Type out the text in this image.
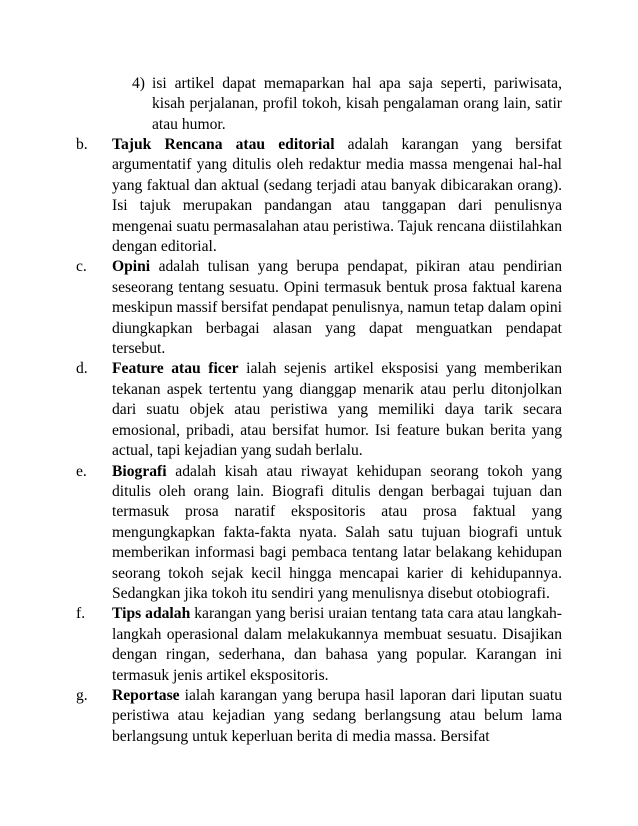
4) isi artikel dapat memaparkan hal apa saja seperti, pariwisata, kisah perjalanan, profil tokoh, kisah pengalaman orang lain, satir atau humor.
b.	Tajuk Rencana atau editorial adalah karangan yang bersifat argumentatif yang ditulis oleh redaktur media massa mengenai hal-hal yang faktual dan aktual (sedang terjadi atau banyak dibicarakan orang). Isi tajuk merupakan pandangan atau tanggapan dari penulisnya mengenai suatu permasalahan atau peristiwa. Tajuk rencana diistilahkan dengan editorial.

c.	Opini adalah tulisan yang berupa pendapat, pikiran atau pendirian seseorang tentang sesuatu. Opini termasuk bentuk prosa faktual karena meskipun massif bersifat pendapat penulisnya, namun tetap dalam opini diungkapkan berbagai alasan yang dapat menguatkan pendapat tersebut.

d.	Feature atau ficer ialah sejenis artikel eksposisi yang memberikan tekanan aspek tertentu yang dianggap menarik atau perlu ditonjolkan dari suatu objek atau peristiwa yang memiliki daya tarik secara emosional, pribadi, atau bersifat humor. Isi feature bukan berita yang actual, tapi kejadian yang sudah berlalu.

e.	Biografi adalah kisah atau riwayat kehidupan seorang tokoh yang ditulis oleh orang lain. Biografi ditulis dengan berbagai tujuan dan termasuk prosa naratif ekspositoris atau prosa faktual yang mengungkapkan fakta-fakta nyata. Salah satu tujuan biografi untuk memberikan informasi bagi pembaca tentang latar belakang kehidupan seorang tokoh sejak kecil hingga mencapai karier di kehidupannya. Sedangkan jika tokoh itu sendiri yang menulisnya disebut otobiografi.

f.	Tips adalah karangan yang berisi uraian tentang tata cara atau langkah-langkah operasional dalam melakukannya membuat sesuatu. Disajikan dengan ringan, sederhana, dan bahasa yang popular. Karangan ini termasuk jenis artikel ekspositoris.

g.	Reportase ialah karangan yang berupa hasil laporan dari liputan suatu peristiwa atau kejadian yang sedang berlangsung atau belum lama berlangsung untuk keperluan berita di media massa. Bersifat
